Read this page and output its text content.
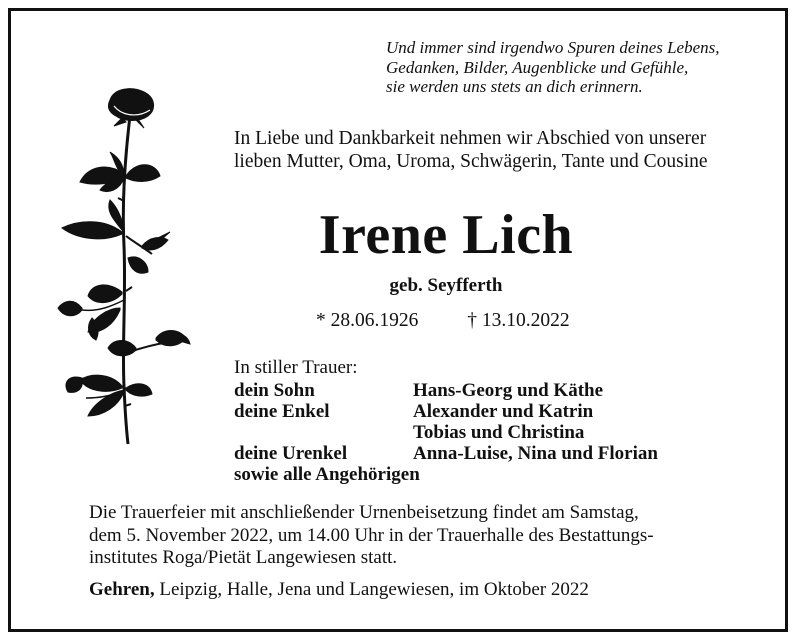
Und immer sind irgendwo Spuren deines Lebens,
Gedanken, Bilder, Augenblicke und Gefühle,
sie werden uns stets an dich erinnern.
In Liebe und Dankbarkeit nehmen wir Abschied von unserer
lieben Mutter, Oma, Uroma, Schwägerin, Tante und Cousine
Irene Lich
geb. Seyfferth
* 28.06.1926	† 13.10.2022
In stiller Trauer:
dein Sohn	Hans-Georg und Käthe
deine Enkel	Alexander und Katrin
Tobias und Christina
deine Urenkel	Anna-Luise, Nina und Florian
sowie alle Angehörigen
Die Trauerfeier mit anschließender Urnenbeisetzung findet am Samstag,
dem 5. November 2022, um 14.00 Uhr in der Trauerhalle des Bestattungs-
institutes Roga/Pietät Langewiesen statt.
Gehren, Leipzig, Halle, Jena und Langewiesen, im Oktober 2022
